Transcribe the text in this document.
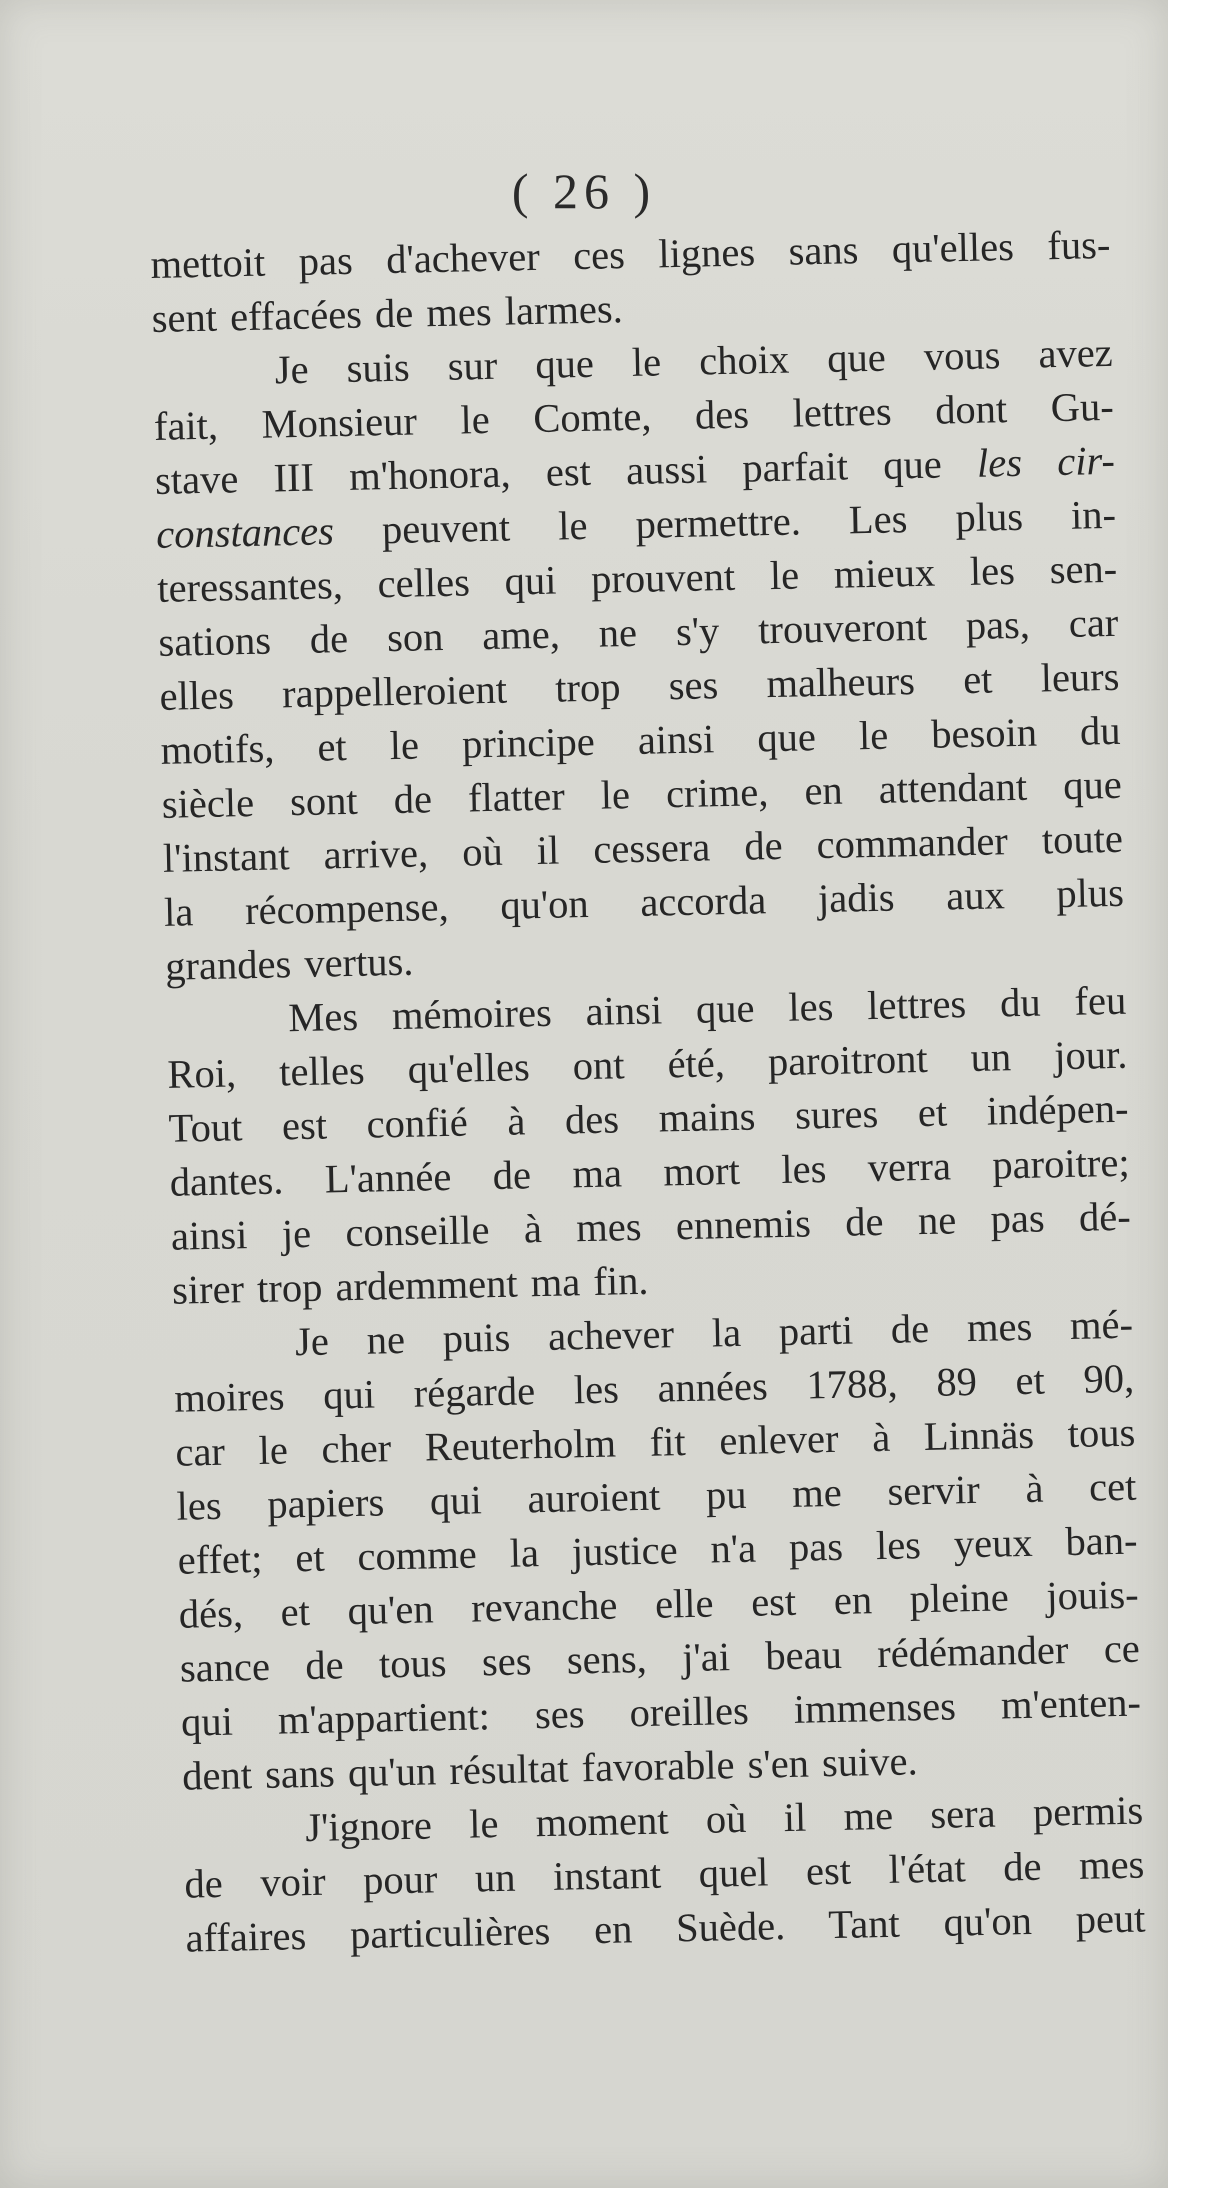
( 26 )
mettoit pas d'achever ces lignes sans qu'elles fus-
sent effacées de mes larmes.
Je suis sur que le choix que vous avez
fait, Monsieur le Comte, des lettres dont Gu-
stave III m'honora, est aussi parfait que les cir-
constances peuvent le permettre. Les plus in-
teressantes, celles qui prouvent le mieux les sen-
sations de son ame, ne s'y trouveront pas, car
elles rappelleroient trop ses malheurs et leurs
motifs, et le principe ainsi que le besoin du
siècle sont de flatter le crime, en attendant que
l'instant arrive, où il cessera de commander toute
la récompense, qu'on accorda jadis aux plus
grandes vertus.
Mes mémoires ainsi que les lettres du feu
Roi, telles qu'elles ont été, paroitront un jour.
Tout est confié à des mains sures et indépen-
dantes. L'année de ma mort les verra paroitre;
ainsi je conseille à mes ennemis de ne pas dé-
sirer trop ardemment ma fin.
Je ne puis achever la parti de mes mé-
moires qui régarde les années 1788, 89 et 90,
car le cher Reuterholm fit enlever à Linnäs tous
les papiers qui auroient pu me servir à cet
effet; et comme la justice n'a pas les yeux ban-
dés, et qu'en revanche elle est en pleine jouis-
sance de tous ses sens, j'ai beau rédémander ce
qui m'appartient: ses oreilles immenses m'enten-
dent sans qu'un résultat favorable s'en suive.
J'ignore le moment où il me sera permis
de voir pour un instant quel est l'état de mes
affaires particulières en Suède. Tant qu'on peut
